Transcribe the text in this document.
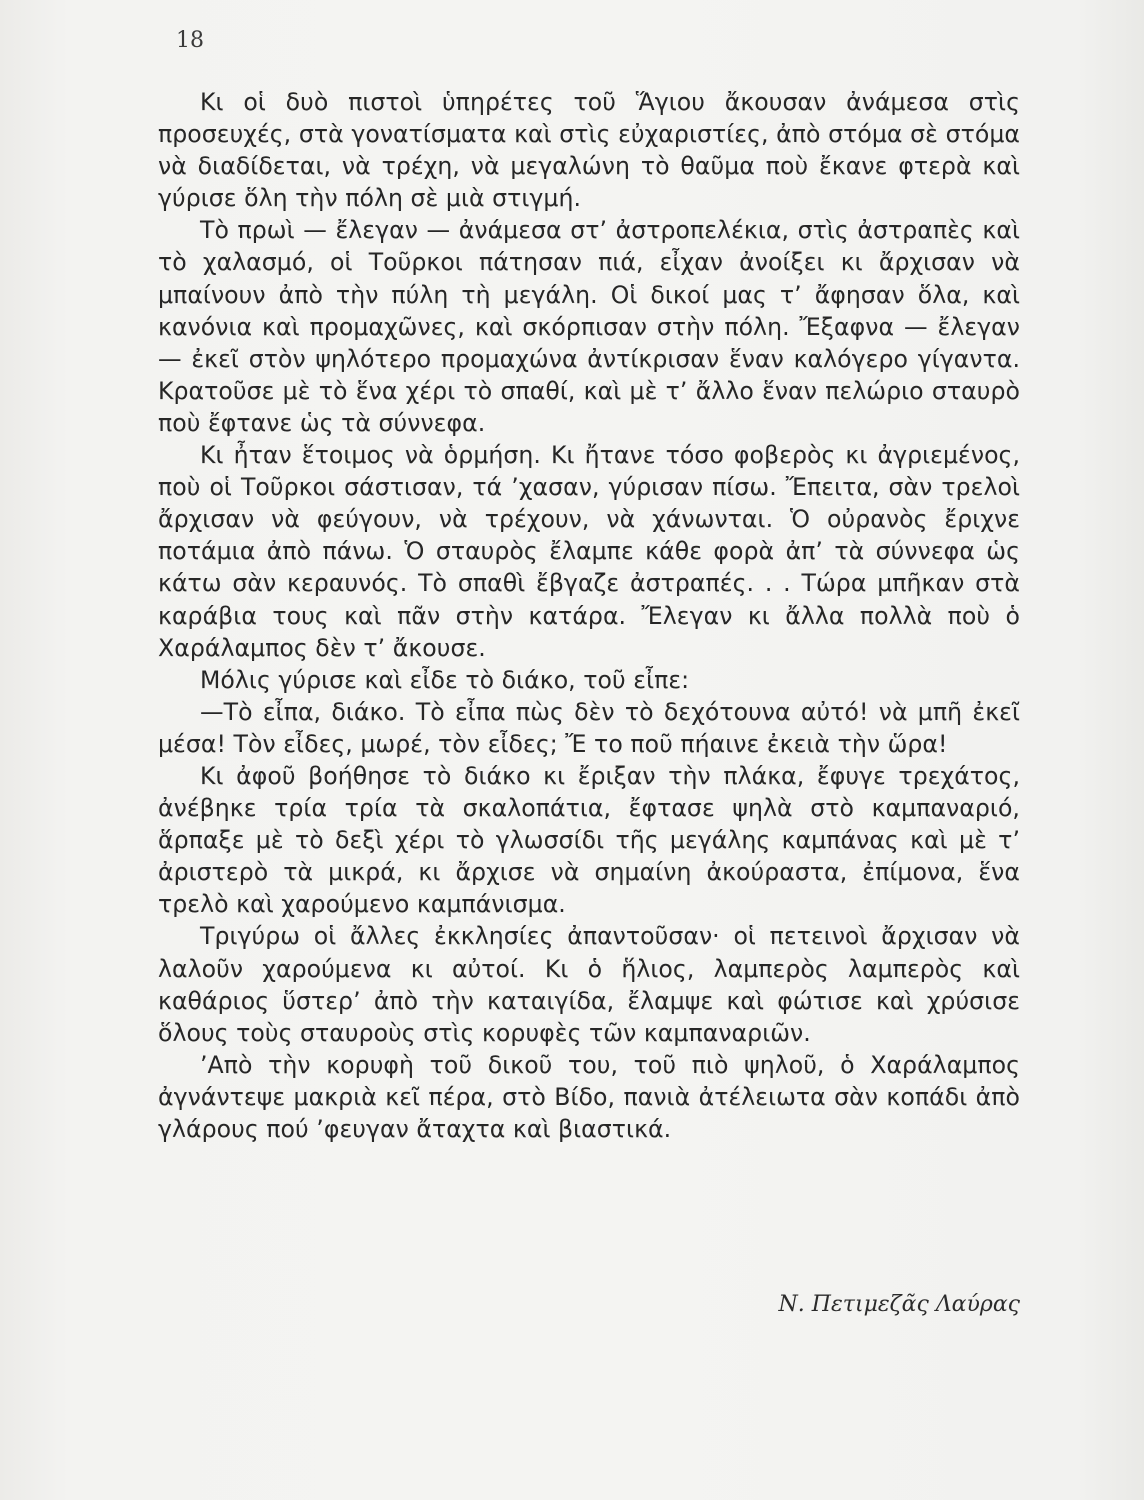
18

Κι οἱ δυὸ πιστοὶ ὑπηρέτες τοῦ Ἅγιου ἄκουσαν ἀνάμεσα στὶς προσευχές, στὰ γονατίσματα καὶ στὶς εὐχαριστίες, ἀπὸ στόμα σὲ στόμα νὰ διαδίδεται, νὰ τρέχη, νὰ μεγαλώνη τὸ θαῦμα ποὺ ἔκανε φτερὰ καὶ γύρισε ὅλη τὴν πόλη σὲ μιὰ στιγμή.

Τὸ πρωὶ — ἔλεγαν — ἀνάμεσα στ’ ἀστροπελέκια, στὶς ἀστραπὲς καὶ τὸ χαλασμό, οἱ Τοῦρκοι πάτησαν πιά, εἶχαν ἀνοίξει κι ἄρχισαν νὰ μπαίνουν ἀπὸ τὴν πύλη τὴ μεγάλη. Οἱ δικοί μας τ’ ἄφησαν ὅλα, καὶ κανόνια καὶ προμαχῶνες, καὶ σκόρπισαν στὴν πόλη. Ἔξαφνα — ἔλεγαν — ἐκεῖ στὸν ψηλότερο προμαχώνα ἀντίκρισαν ἕναν καλόγερο γίγαντα. Κρατοῦσε μὲ τὸ ἕνα χέρι τὸ σπαθί, καὶ μὲ τ’ ἄλλο ἕναν πελώριο σταυρὸ ποὺ ἔφτανε ὡς τὰ σύννεφα.

Κι ἦταν ἕτοιμος νὰ ὁρμήση. Κι ἤτανε τόσο φοβερὸς κι ἀγριεμένος, ποὺ οἱ Τοῦρκοι σάστισαν, τά ’χασαν, γύρισαν πίσω. Ἔπειτα, σὰν τρελοὶ ἄρχισαν νὰ φεύγουν, νὰ τρέχουν, νὰ χάνωνται. Ὁ οὐρανὸς ἔριχνε ποτάμια ἀπὸ πάνω. Ὁ σταυρὸς ἔλαμπε κάθε φορὰ ἀπ’ τὰ σύννεφα ὡς κάτω σὰν κεραυνός. Τὸ σπαθὶ ἔβγαζε ἀστραπές. . . Τώρα μπῆκαν στὰ καράβια τους καὶ πᾶν στὴν κατάρα. Ἔλεγαν κι ἄλλα πολλὰ ποὺ ὁ Χαράλαμπος δὲν τ’ ἄκουσε.

Μόλις γύρισε καὶ εἶδε τὸ διάκο, τοῦ εἶπε:

—Τὸ εἶπα, διάκο. Τὸ εἶπα πὼς δὲν τὸ δεχότουνα αὐτό! νὰ μπῆ ἐκεῖ μέσα! Τὸν εἶδες, μωρέ, τὸν εἶδες; Ἔ το ποῦ πήαινε ἐκειὰ τὴν ὥρα!

Κι ἀφοῦ βοήθησε τὸ διάκο κι ἔριξαν τὴν πλάκα, ἔφυγε τρεχάτος, ἀνέβηκε τρία τρία τὰ σκαλοπάτια, ἔφτασε ψηλὰ στὸ καμπαναριό, ἅρπαξε μὲ τὸ δεξὶ χέρι τὸ γλωσσίδι τῆς μεγάλης καμπάνας καὶ μὲ τ’ ἀριστερὸ τὰ μικρά, κι ἄρχισε νὰ σημαίνη ἀκούραστα, ἐπίμονα, ἕνα τρελὸ καὶ χαρούμενο καμπάνισμα.

Τριγύρω οἱ ἄλλες ἐκκλησίες ἀπαντοῦσαν· οἱ πετεινοὶ ἄρχισαν νὰ λαλοῦν χαρούμενα κι αὐτοί. Κι ὁ ἥλιος, λαμπερὸς λαμπερὸς καὶ καθάριος ὕστερ’ ἀπὸ τὴν καταιγίδα, ἔλαμψε καὶ φώτισε καὶ χρύσισε ὅλους τοὺς σταυροὺς στὶς κορυφὲς τῶν καμπαναριῶν.

’Απὸ τὴν κορυφὴ τοῦ δικοῦ του, τοῦ πιὸ ψηλοῦ, ὁ Χαράλαμπος ἀγνάντεψε μακριὰ κεῖ πέρα, στὸ Βίδο, πανιὰ ἀτέλειωτα σὰν κοπάδι ἀπὸ γλάρους πού ’φευγαν ἄταχτα καὶ βιαστικά.

Ν. Πετιμεζᾶς Λαύρας
